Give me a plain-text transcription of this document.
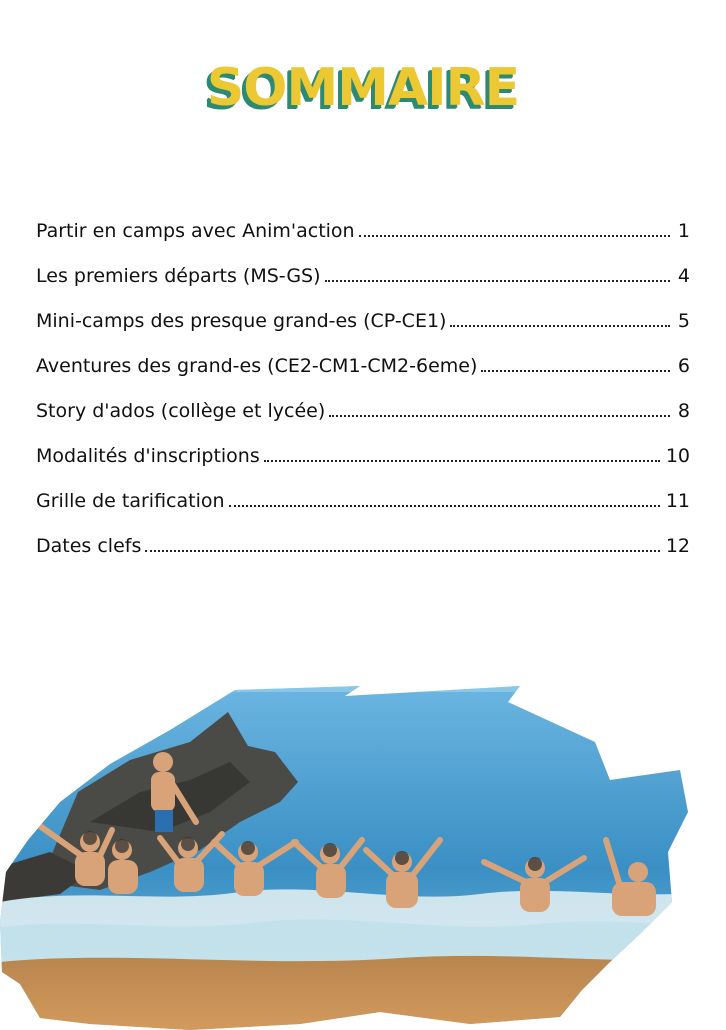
SOMMAIRE
Partir en camps avec Anim'action	1
Les premiers départs (MS-GS)	4
Mini-camps des presque grand-es (CP-CE1)	5
Aventures des grand-es (CE2-CM1-CM2-6eme)	6
Story d'ados (collège et lycée)	8
Modalités d'inscriptions	10
Grille de tarification	11
Dates clefs	12
